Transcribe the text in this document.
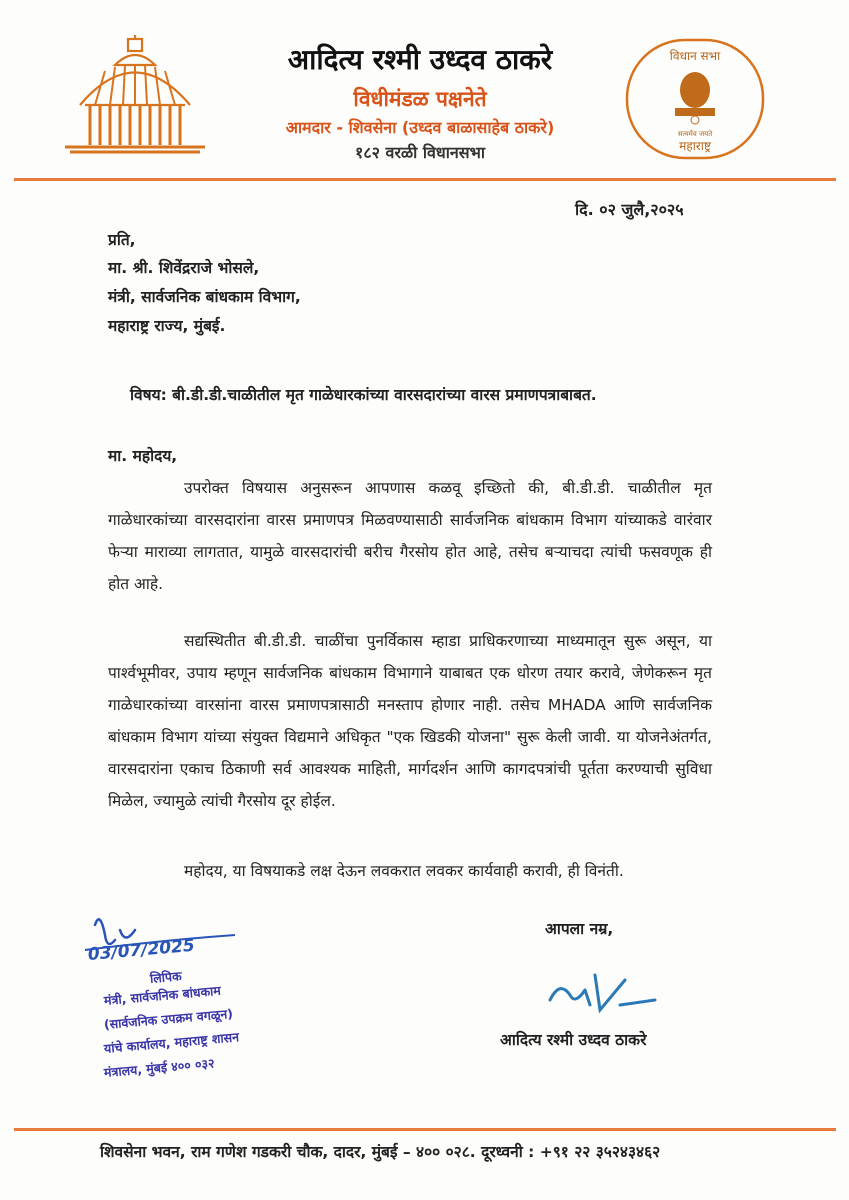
आदित्य रश्मी उध्दव ठाकरे
विधीमंडळ पक्षनेते
आमदार - शिवसेना (उध्दव बाळासाहेब ठाकरे)
१८२ वरळी विधानसभा
विधान सभा
सत्यमेव जयते
महाराष्ट्र
दि. ०२ जुलै,२०२५
प्रति,
मा. श्री. शिवेंद्रराजे भोसले,
मंत्री, सार्वजनिक बांधकाम विभाग,
महाराष्ट्र राज्य, मुंबई.
विषय: बी.डी.डी.चाळीतील मृत गाळेधारकांच्या वारसदारांच्या वारस प्रमाणपत्राबाबत.
मा. महोदय,

उपरोक्त विषयास अनुसरून आपणास कळवू इच्छितो की, बी.डी.डी. चाळीतील मृत गाळेधारकांच्या वारसदारांना वारस प्रमाणपत्र मिळवण्यासाठी सार्वजनिक बांधकाम विभाग यांच्याकडे वारंवार फेऱ्या माराव्या लागतात, यामुळे वारसदारांची बरीच गैरसोय होत आहे, तसेच बऱ्याचदा त्यांची फसवणूक ही होत आहे.

सद्यस्थितीत बी.डी.डी. चाळींचा पुनर्विकास म्हाडा प्राधिकरणाच्या माध्यमातून सुरू असून, या पार्श्वभूमीवर, उपाय म्हणून सार्वजनिक बांधकाम विभागाने याबाबत एक धोरण तयार करावे, जेणेकरून मृत गाळेधारकांच्या वारसांना वारस प्रमाणपत्रासाठी मनस्ताप होणार नाही. तसेच MHADA आणि सार्वजनिक बांधकाम विभाग यांच्या संयुक्त विद्यमाने अधिकृत "एक खिडकी योजना" सुरू केली जावी. या योजनेअंतर्गत, वारसदारांना एकाच ठिकाणी सर्व आवश्यक माहिती, मार्गदर्शन आणि कागदपत्रांची पूर्तता करण्याची सुविधा मिळेल, ज्यामुळे त्यांची गैरसोय दूर होईल.

महोदय, या विषयाकडे लक्ष देऊन लवकरात लवकर कार्यवाही करावी, ही विनंती.

आपला नम्र,
आदित्य रश्मी उध्दव ठाकरे
03/07/2025
लिपिक
मंत्री, सार्वजनिक बांधकाम
(सार्वजनिक उपक्रम वगळून)
यांचे कार्यालय, महाराष्ट्र शासन
मंत्रालय, मुंबई ४०० ०३२
शिवसेना भवन, राम गणेश गडकरी चौक, दादर, मुंबई – ४०० ०२८. दूरध्वनी : +९१ २२ ३५२४३४६२
